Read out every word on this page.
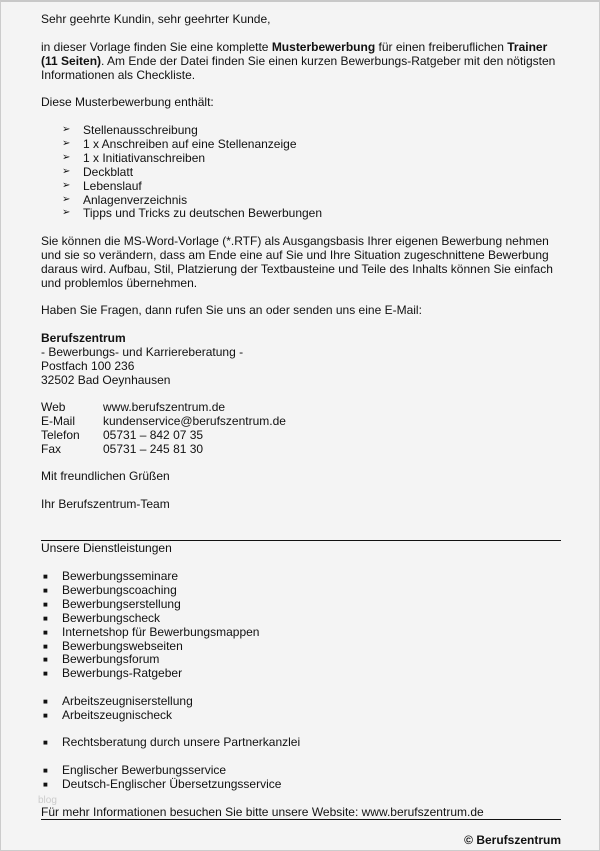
Sehr geehrte Kundin, sehr geehrter Kunde,
in dieser Vorlage finden Sie eine komplette Musterbewerbung für einen freiberuflichen Trainer
(11 Seiten). Am Ende der Datei finden Sie einen kurzen Bewerbungs-Ratgeber mit den nötigsten
Informationen als Checkliste.
Diese Musterbewerbung enthält:
➢ Stellenausschreibung
➢ 1 x Anschreiben auf eine Stellenanzeige
➢ 1 x Initiativanschreiben
➢ Deckblatt
➢ Lebenslauf
➢ Anlagenverzeichnis
➢ Tipps und Tricks zu deutschen Bewerbungen
Sie können die MS-Word-Vorlage (*.RTF) als Ausgangsbasis Ihrer eigenen Bewerbung nehmen
und sie so verändern, dass am Ende eine auf Sie und Ihre Situation zugeschnittene Bewerbung
daraus wird. Aufbau, Stil, Platzierung der Textbausteine und Teile des Inhalts können Sie einfach
und problemlos übernehmen.
Haben Sie Fragen, dann rufen Sie uns an oder senden uns eine E-Mail:
Berufszentrum
- Bewerbungs- und Karriereberatung -
Postfach 100 236
32502 Bad Oeynhausen
Web	www.berufszentrum.de
E-Mail kundenservice@berufszentrum.de
Telefon 05731 – 842 07 35
Fax	05731 – 245 81 30
Mit freundlichen Grüßen
Ihr Berufszentrum-Team
Unsere Dienstleistungen
■ Bewerbungsseminare
■ Bewerbungscoaching
■ Bewerbungserstellung
■ Bewerbungscheck
■ Internetshop für Bewerbungsmappen
■ Bewerbungswebseiten
■ Bewerbungsforum
■ Bewerbungs-Ratgeber
■ Arbeitszeugniserstellung
■ Arbeitszeugnischeck
■ Rechtsberatung durch unsere Partnerkanzlei
■ Englischer Bewerbungsservice
■ Deutsch-Englischer Übersetzungsservice
blog
Für mehr Informationen besuchen Sie bitte unsere Website: www.berufszentrum.de
© Berufszentrum
